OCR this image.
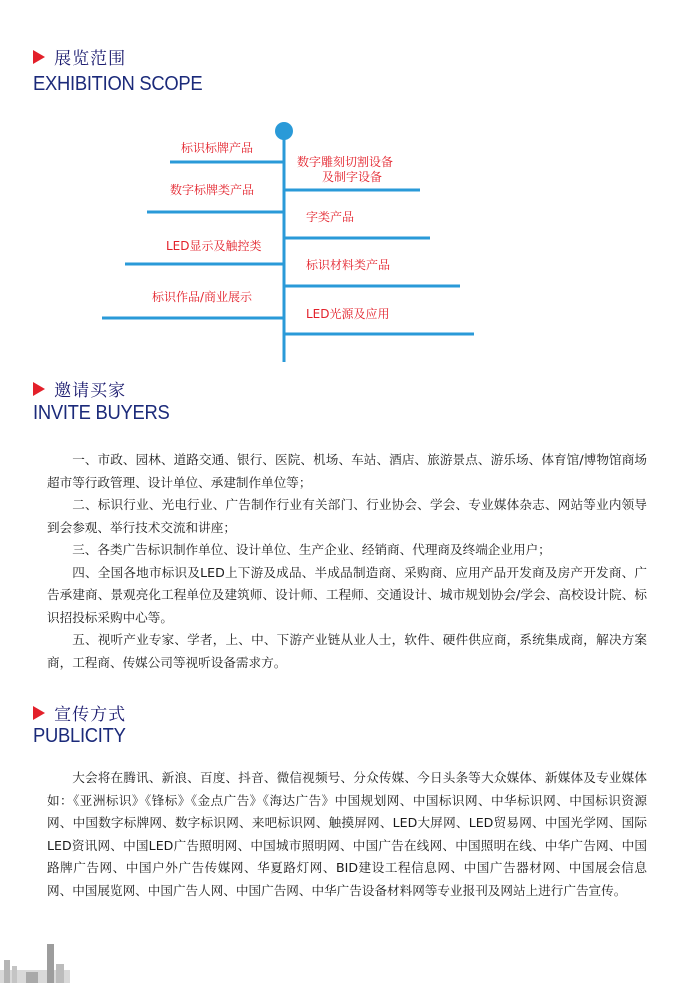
展览范围
EXHIBITION SCOPE
标识标牌产品
数字标牌类产品
LED显示及触控类
标识作品/商业展示
数字雕刻切割设备
及制字设备
字类产品
标识材料类产品
LED光源及应用
邀请买家
INVITE BUYERS

一、市政、园林、道路交通、银行、医院、机场、车站、酒店、旅游景点、游乐场、体育馆/博物馆商场超市等行政管理、设计单位、承建制作单位等；

二、标识行业、光电行业、广告制作行业有关部门、行业协会、学会、专业媒体杂志、网站等业内领导到会参观、举行技术交流和讲座；

三、各类广告标识制作单位、设计单位、生产企业、经销商、代理商及终端企业用户；

四、全国各地市标识及LED上下游及成品、半成品制造商、采购商、应用产品开发商及房产开发商、广告承建商、景观亮化工程单位及建筑师、设计师、工程师、交通设计、城市规划协会/学会、高校设计院、标识招投标采购中心等。

五、视听产业专家、学者，上、中、下游产业链从业人士，软件、硬件供应商，系统集成商，解决方案商，工程商、传媒公司等视听设备需求方。

宣传方式
PUBLICITY

大会将在腾讯、新浪、百度、抖音、微信视频号、分众传媒、今日头条等大众媒体、新媒体及专业媒体如：《亚洲标识》《锋标》《金点广告》《海达广告》中国规划网、中国标识网、中华标识网、中国标识资源网、中国数字标牌网、数字标识网、来吧标识网、触摸屏网、LED大屏网、LED贸易网、中国光学网、国际LED资讯网、中国LED广告照明网、中国城市照明网、中国广告在线网、中国照明在线、中华广告网、中国路牌广告网、中国户外广告传媒网、华夏路灯网、BID建设工程信息网、中国广告器材网、中国展会信息网、中国展览网、中国广告人网、中国广告网、中华广告设备材料网等专业报刊及网站上进行广告宣传。
